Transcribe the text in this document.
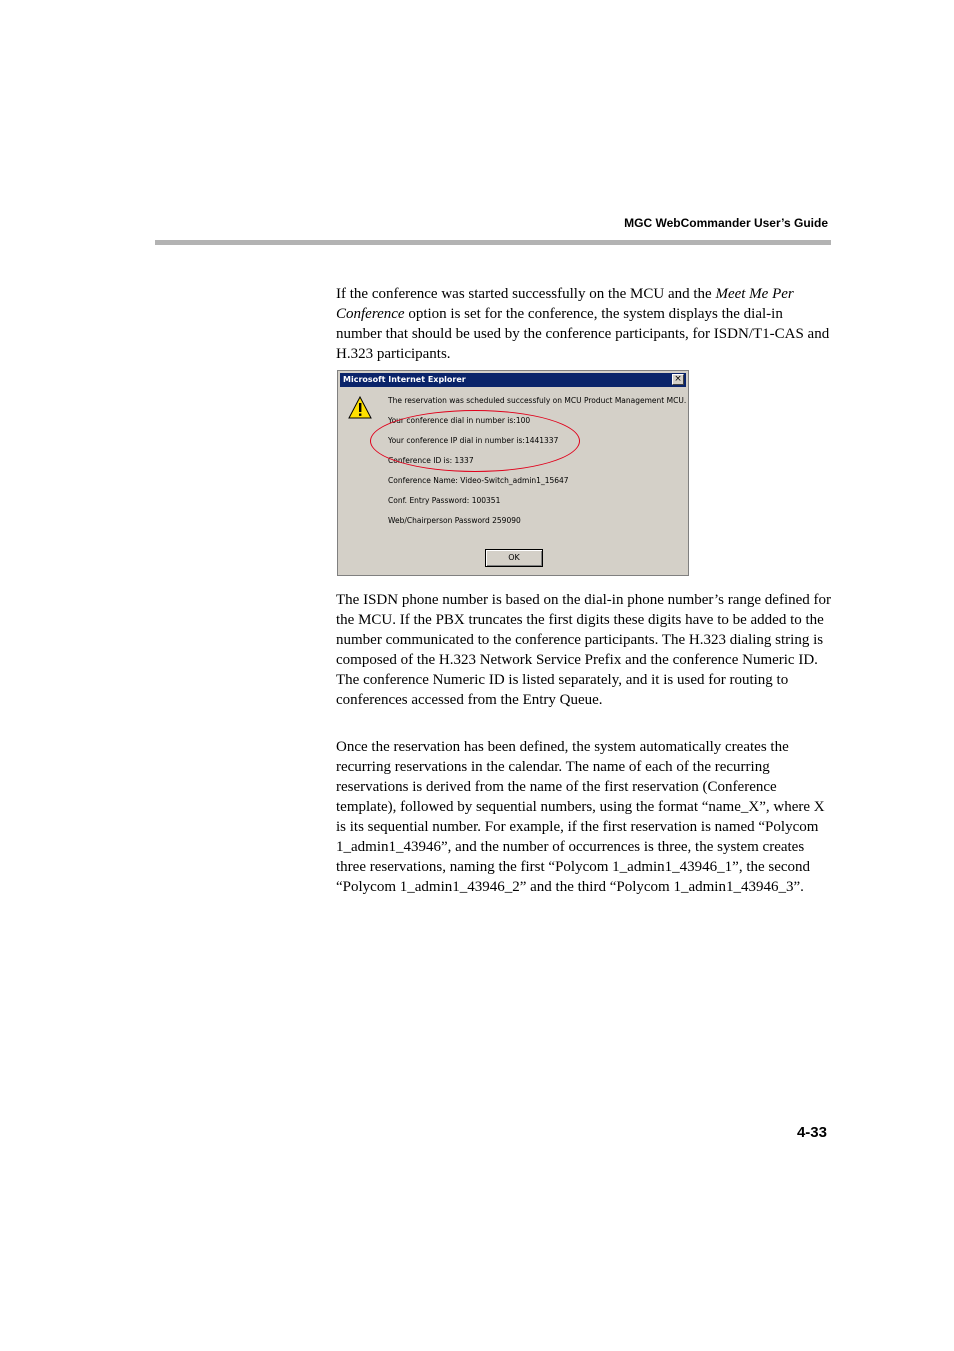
MGC WebCommander User’s Guide

If the conference was started successfully on the MCU and the Meet Me Per Conference option is set for the conference, the system displays the dial-in number that should be used by the conference participants, for ISDN/T1-CAS and H.323 participants.

Microsoft Internet Explorer	×
The reservation was scheduled successfuly on MCU Product Management MCU.
Your conference dial in number is:100
Your conference IP dial in number is:1441337
Conference ID is: 1337
Conference Name: Video-Switch_admin1_15647
Conf. Entry Password: 100351
Web/Chairperson Password 259090
OK

The ISDN phone number is based on the dial-in phone number’s range defined for the MCU. If the PBX truncates the first digits these digits have to be added to the number communicated to the conference participants. The H.323 dialing string is composed of the H.323 Network Service Prefix and the conference Numeric ID. The conference Numeric ID is listed separately, and it is used for routing to conferences accessed from the Entry Queue.

Once the reservation has been defined, the system automatically creates the recurring reservations in the calendar. The name of each of the recurring reservations is derived from the name of the first reservation (Conference template), followed by sequential numbers, using the format “name_X”, where X is its sequential number. For example, if the first reservation is named “Polycom 1_admin1_43946”, and the number of occurrences is three, the system creates three reservations, naming the first “Polycom 1_admin1_43946_1”, the second “Polycom 1_admin1_43946_2” and the third “Polycom 1_admin1_43946_3”.

4-33
